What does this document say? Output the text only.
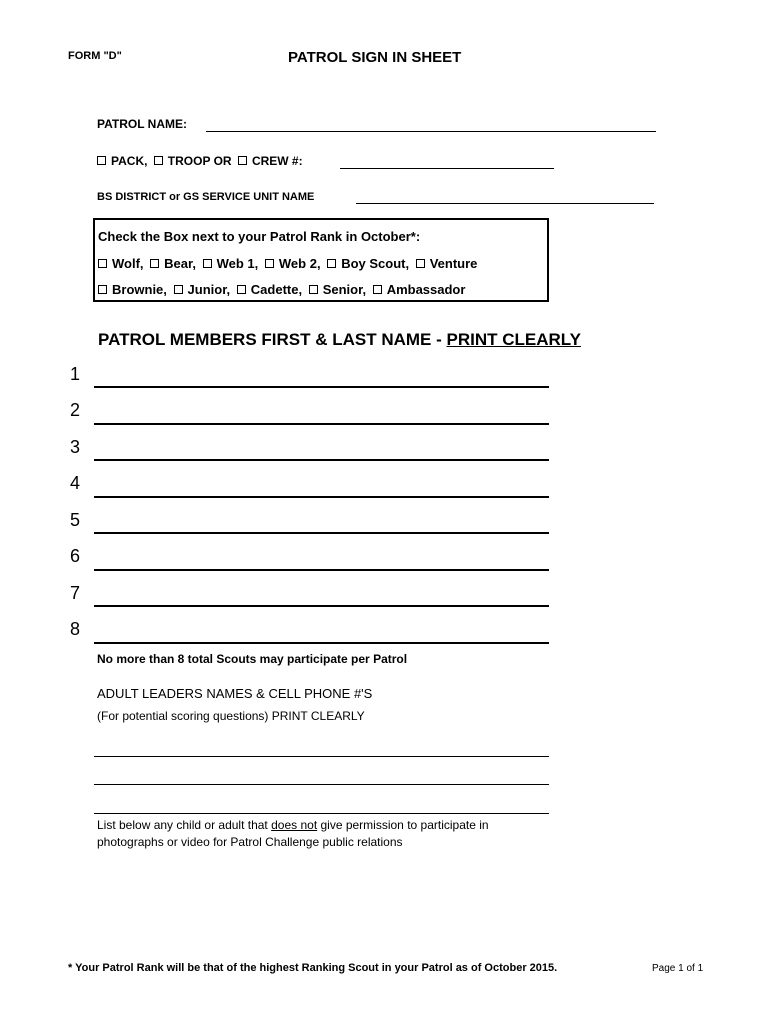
FORM "D"	PATROL SIGN IN SHEET
PATROL NAME:
PACK, TROOP OR CREW #:
BS DISTRICT or GS SERVICE UNIT NAME
Check the Box next to your Patrol Rank in October*:
Wolf, Bear, Web 1, Web 2, Boy Scout, Venture
Brownie, Junior, Cadette, Senior, Ambassador
PATROL MEMBERS FIRST & LAST NAME - PRINT CLEARLY
1
2
3
4
5
6
7
8
No more than 8 total Scouts may participate per Patrol
ADULT LEADERS NAMES & CELL PHONE #'S
(For potential scoring questions) PRINT CLEARLY
List below any child or adult that does not give permission to participate in
photographs or video for Patrol Challenge public relations
* Your Patrol Rank will be that of the highest Ranking Scout in your Patrol as of October 2015.	Page 1 of 1
